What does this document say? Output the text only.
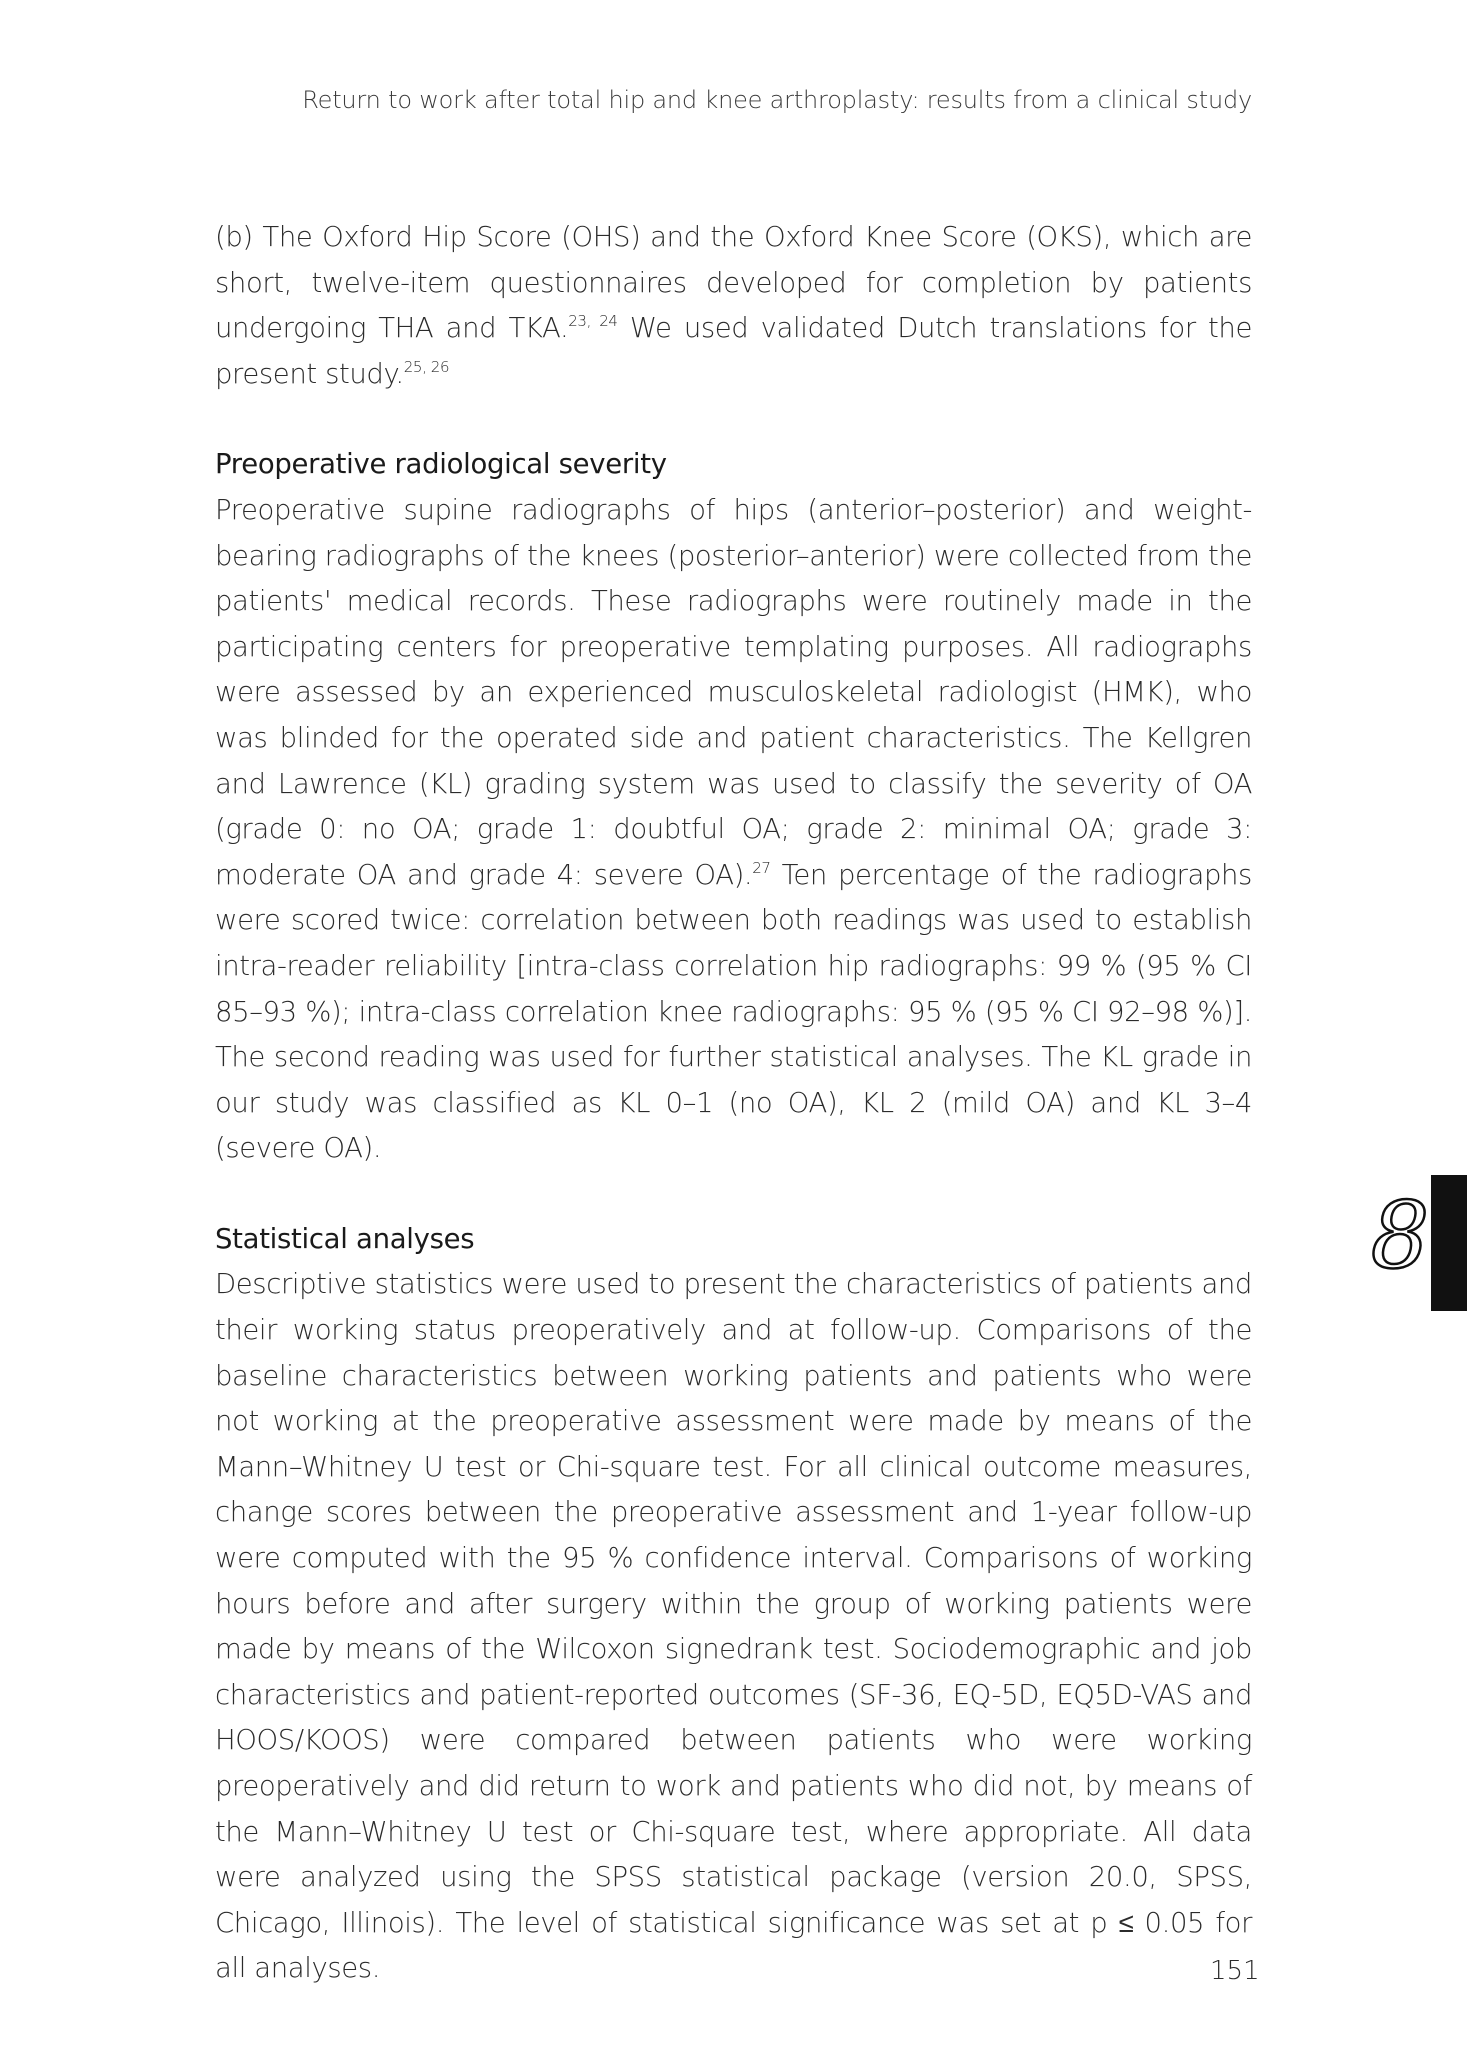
Return to work after total hip and knee arthroplasty: results from a clinical study

(b) The Oxford Hip Score (OHS) and the Oxford Knee Score (OKS), which are short, twelve-item questionnaires developed for completion by patients undergoing THA and TKA.$^{23, 24}$ We used validated Dutch translations for the present study.$^{25, 26}$

Preoperative radiological severity

Preoperative supine radiographs of hips (anterior–posterior) and weight-bearing radiographs of the knees (posterior–anterior) were collected from the patients' medical records. These radiographs were routinely made in the participating centers for preoperative templating purposes. All radiographs were assessed by an experienced musculoskeletal radiologist (HMK), who was blinded for the operated side and patient characteristics. The Kellgren and Lawrence (KL) grading system was used to classify the severity of OA (grade 0: no OA; grade 1: doubtful OA; grade 2: minimal OA; grade 3: moderate OA and grade 4: severe OA).$^{27}$ Ten percentage of the radiographs were scored twice: correlation between both readings was used to establish intra-reader reliability [intra-class correlation hip radiographs: 99 % (95 % CI 85–93 %); intra-class correlation knee radiographs: 95 % (95 % CI 92–98 %)]. The second reading was used for further statistical analyses. The KL grade in our study was classified as KL 0–1 (no OA), KL 2 (mild OA) and KL 3–4 (severe OA).

Statistical analyses

Descriptive statistics were used to present the characteristics of patients and their working status preoperatively and at follow-up. Comparisons of the baseline characteristics between working patients and patients who were not working at the preoperative assessment were made by means of the Mann–Whitney U test or Chi-square test. For all clinical outcome measures, change scores between the preoperative assessment and 1-year follow-up were computed with the 95 % confidence interval. Comparisons of working hours before and after surgery within the group of working patients were made by means of the Wilcoxon signedrank test. Sociodemographic and job characteristics and patient-reported outcomes (SF-36, EQ-5D, EQ5D-VAS and HOOS/KOOS) were compared between patients who were working preoperatively and did return to work and patients who did not, by means of the Mann–Whitney U test or Chi-square test, where appropriate. All data were analyzed using the SPSS statistical package (version 20.0, SPSS, Chicago, Illinois). The level of statistical significance was set at p ≤ 0.05 for all analyses.

8
151
